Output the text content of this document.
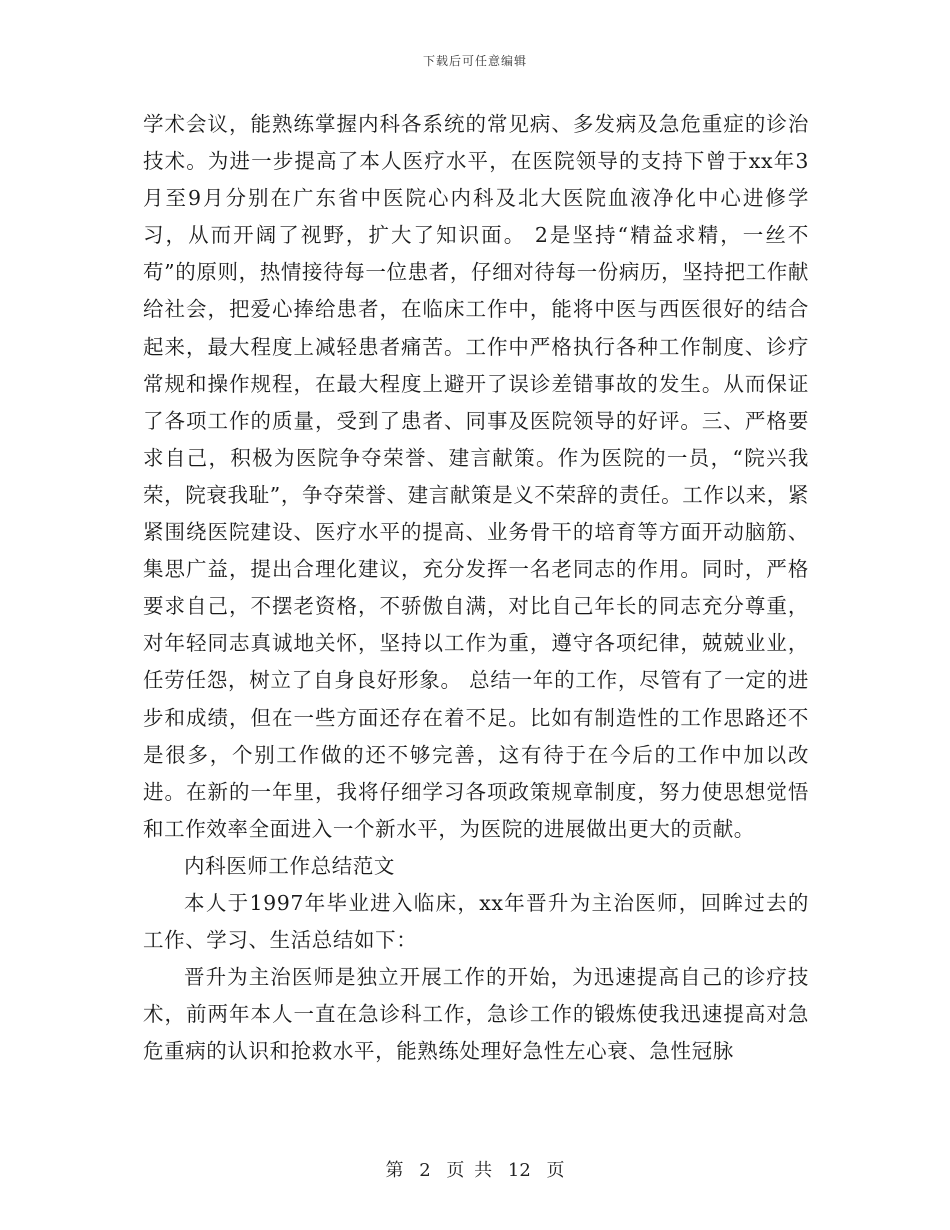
下载后可任意编辑

学术会议，能熟练掌握内科各系统的常见病、多发病及急危重症的诊治技术。为进一步提高了本人医疗水平，在医院领导的支持下曾于xx年3月至9月分别在广东省中医院心内科及北大医院血液净化中心进修学习，从而开阔了视野，扩大了知识面。 2是坚持“精益求精，一丝不苟”的原则，热情接待每一位患者，仔细对待每一份病历，坚持把工作献给社会，把爱心捧给患者，在临床工作中，能将中医与西医很好的结合起来，最大程度上减轻患者痛苦。工作中严格执行各种工作制度、诊疗常规和操作规程，在最大程度上避开了误诊差错事故的发生。从而保证了各项工作的质量，受到了患者、同事及医院领导的好评。三、严格要求自己，积极为医院争夺荣誉、建言献策。作为医院的一员，“院兴我荣，院衰我耻”，争夺荣誉、建言献策是义不荣辞的责任。工作以来，紧紧围绕医院建设、医疗水平的提高、业务骨干的培育等方面开动脑筋、集思广益，提出合理化建议，充分发挥一名老同志的作用。同时，严格要求自己，不摆老资格，不骄傲自满，对比自己年长的同志充分尊重，对年轻同志真诚地关怀，坚持以工作为重，遵守各项纪律，兢兢业业，任劳任怨，树立了自身良好形象。 总结一年的工作，尽管有了一定的进步和成绩，但在一些方面还存在着不足。比如有制造性的工作思路还不是很多，个别工作做的还不够完善，这有待于在今后的工作中加以改进。在新的一年里，我将仔细学习各项政策规章制度，努力使思想觉悟和工作效率全面进入一个新水平，为医院的进展做出更大的贡献。

内科医师工作总结范文

本人于1997年毕业进入临床，xx年晋升为主治医师，回眸过去的工作、学习、生活总结如下：

晋升为主治医师是独立开展工作的开始，为迅速提高自己的诊疗技术，前两年本人一直在急诊科工作，急诊工作的锻炼使我迅速提高对急危重病的认识和抢救水平，能熟练处理好急性左心衰、急性冠脉

第 2 页 共 12 页
